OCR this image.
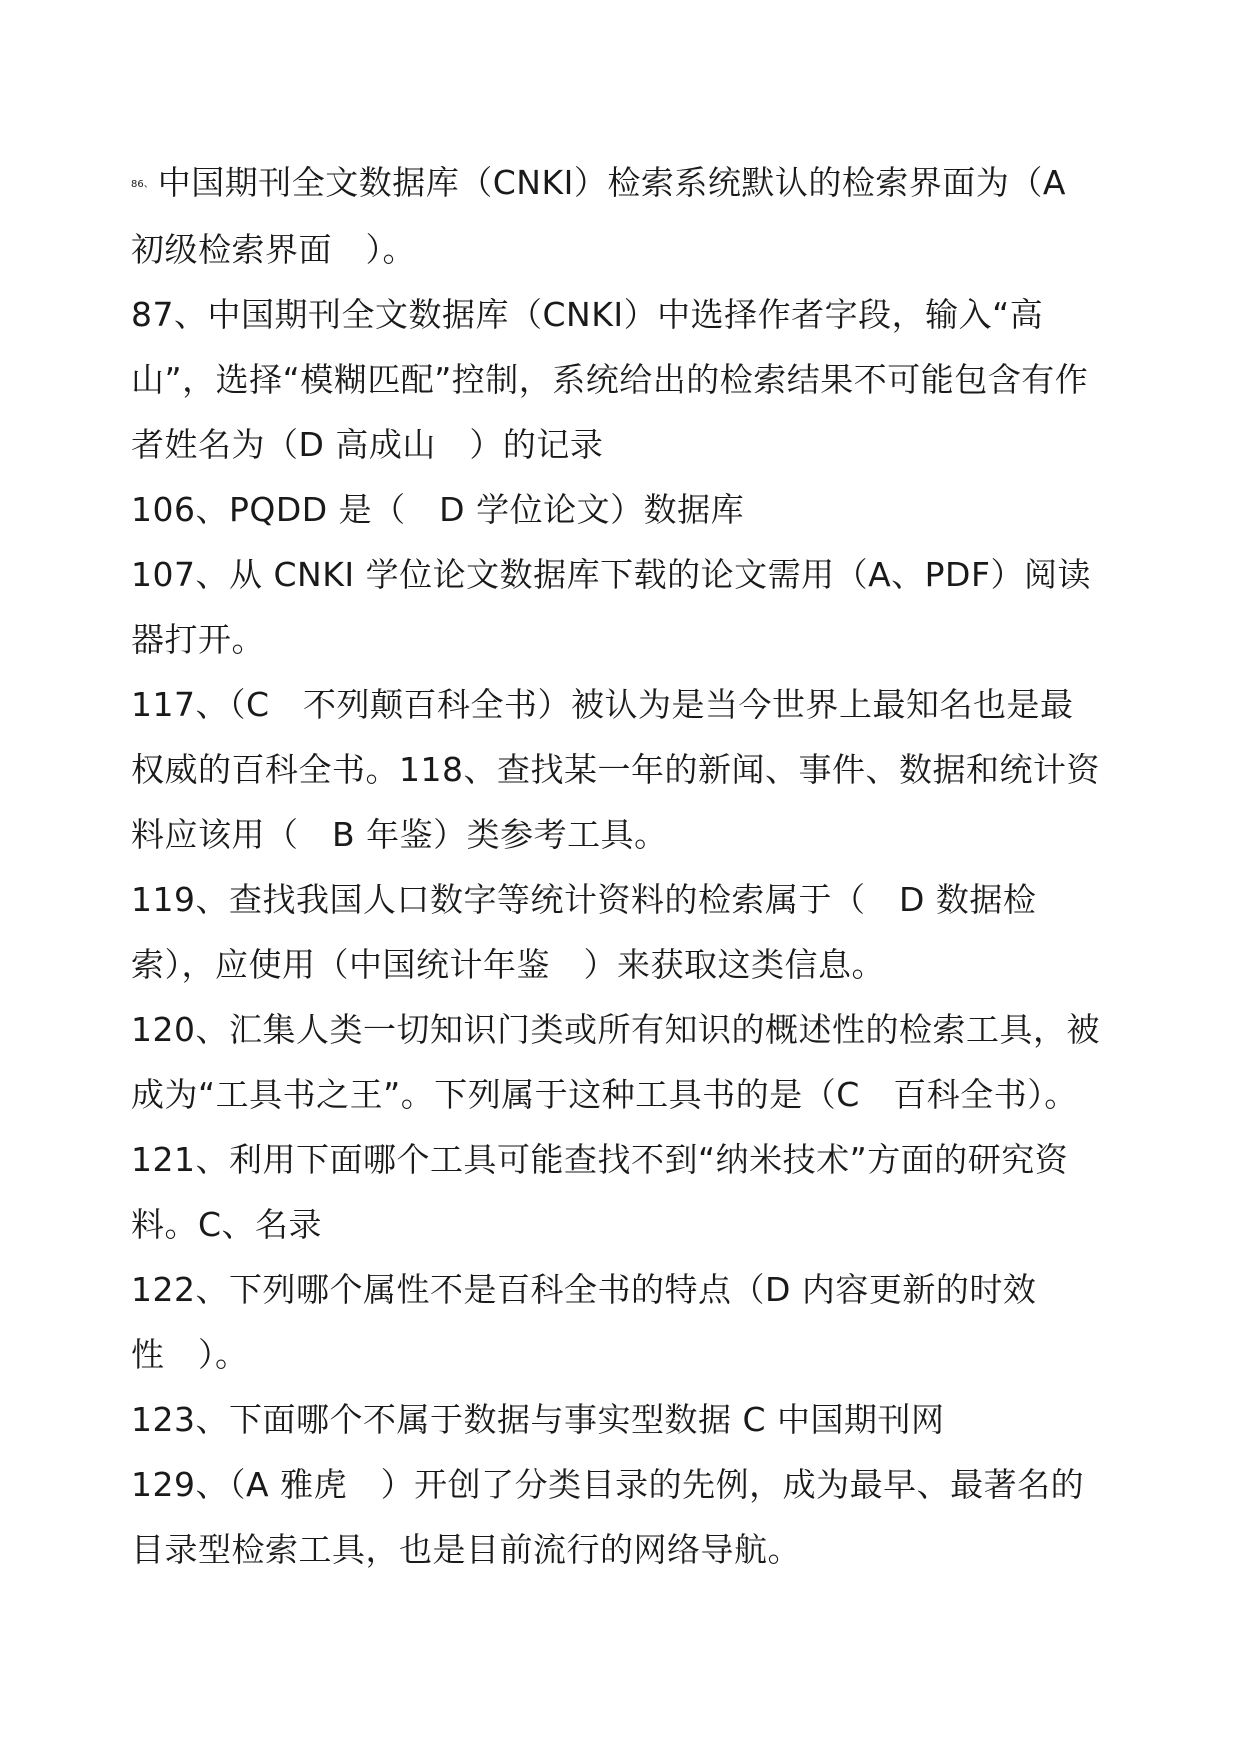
86、 中国期刊全文数据库（CNKI）检索系统默认的检索界面为（A 初级检索界面　）。

87、中国期刊全文数据库（CNKI）中选择作者字段，输入“高山”，选择“模糊匹配”控制，系统给出的检索结果不可能包含有作者姓名为（D 高成山　）的记录

106、PQDD 是（　D 学位论文）数据库

107、从 CNKI 学位论文数据库下载的论文需用（A、PDF）阅读器打开。

117、（C　不列颠百科全书）被认为是当今世界上最知名也是最权威的百科全书。118、查找某一年的新闻、事件、数据和统计资料应该用（　B 年鉴）类参考工具。

119、查找我国人口数字等统计资料的检索属于（　D 数据检索），应使用（中国统计年鉴　）来获取这类信息。

120、汇集人类一切知识门类或所有知识的概述性的检索工具，被成为“工具书之王”。下列属于这种工具书的是（C　百科全书）。

121、利用下面哪个工具可能查找不到“纳米技术”方面的研究资料。C、名录

122、下列哪个属性不是百科全书的特点（D 内容更新的时效性　）。

123、下面哪个不属于数据与事实型数据 C 中国期刊网

129、（A 雅虎　）开创了分类目录的先例，成为最早、最著名的目录型检索工具，也是目前流行的网络导航。
